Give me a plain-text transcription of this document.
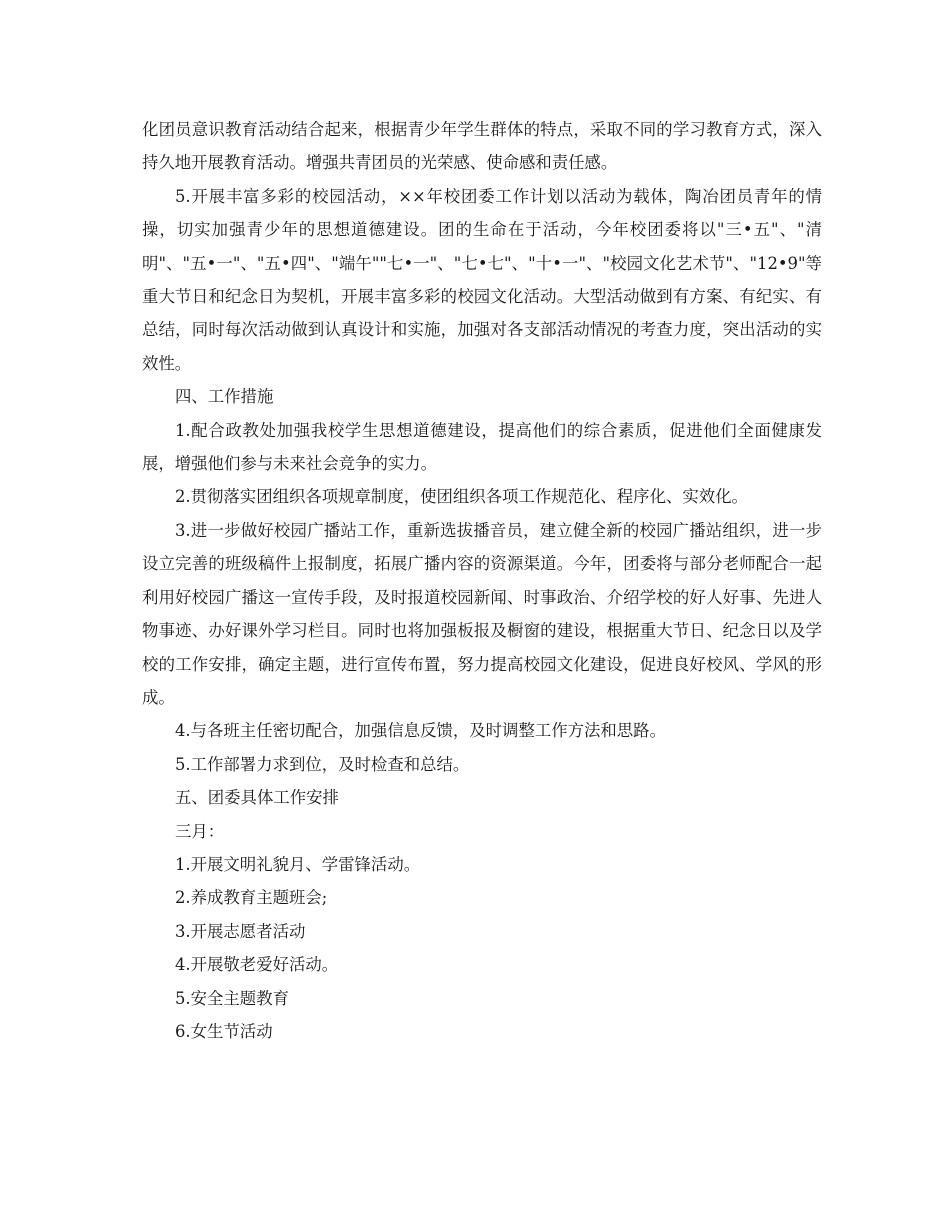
化团员意识教育活动结合起来，根据青少年学生群体的特点，采取不同的学习教育方式，深入持久地开展教育活动。增强共青团员的光荣感、使命感和责任感。

5.开展丰富多彩的校园活动，××年校团委工作计划以活动为载体，陶冶团员青年的情操，切实加强青少年的思想道德建设。团的生命在于活动，今年校团委将以"三•五"、"清明"、"五•一"、"五•四"、"端午""七•一"、"七•七"、"十•一"、"校园文化艺术节"、"12•9"等重大节日和纪念日为契机，开展丰富多彩的校园文化活动。大型活动做到有方案、有纪实、有总结，同时每次活动做到认真设计和实施，加强对各支部活动情况的考查力度，突出活动的实效性。

四、工作措施

1.配合政教处加强我校学生思想道德建设，提高他们的综合素质，促进他们全面健康发展，增强他们参与未来社会竞争的实力。

2.贯彻落实团组织各项规章制度，使团组织各项工作规范化、程序化、实效化。

3.进一步做好校园广播站工作，重新选拔播音员，建立健全新的校园广播站组织，进一步设立完善的班级稿件上报制度，拓展广播内容的资源渠道。今年，团委将与部分老师配合一起利用好校园广播这一宣传手段，及时报道校园新闻、时事政治、介绍学校的好人好事、先进人物事迹、办好课外学习栏目。同时也将加强板报及橱窗的建设，根据重大节日、纪念日以及学校的工作安排，确定主题，进行宣传布置，努力提高校园文化建设，促进良好校风、学风的形成。

4.与各班主任密切配合，加强信息反馈，及时调整工作方法和思路。

5.工作部署力求到位，及时检查和总结。

五、团委具体工作安排

三月：

1.开展文明礼貌月、学雷锋活动。

2.养成教育主题班会;

3.开展志愿者活动

4.开展敬老爱好活动。

5.安全主题教育

6.女生节活动
